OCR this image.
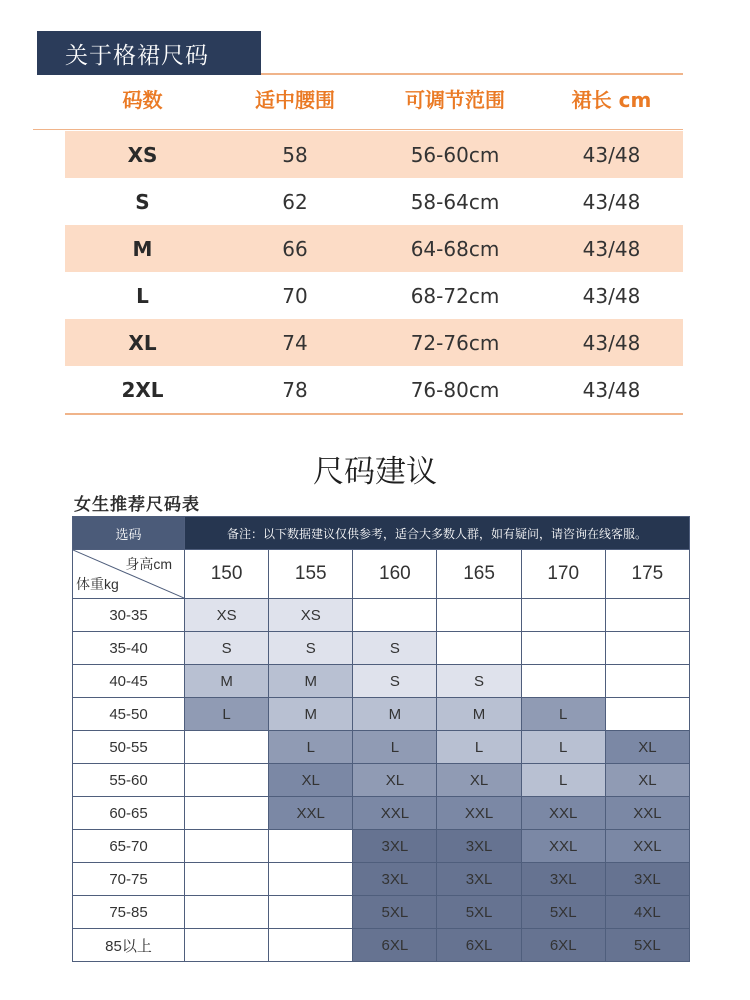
关于格裙尺码
码数	适中腰围	可调节范围	裙长 cm
XS	58	56-60cm	43/48
S	62	58-64cm	43/48
M	66	64-68cm	43/48
L	70	68-72cm	43/48
XL	74	72-76cm	43/48
2XL	78	76-80cm	43/48
尺码建议
女生推荐尺码表
选码	备注：以下数据建议仅供参考，适合大多数人群，如有疑问，请咨询在线客服。					

身高cm
体重kg	150	155	160	165	170	175
30-35	XS	XS				
35-40	S	S	S			
40-45	M	M	S	S		
45-50	L	M	M	M	L	
50-55		L	L	L	L	XL
55-60		XL	XL	XL	L	XL
60-65		XXL	XXL	XXL	XXL	XXL
65-70			3XL	3XL	XXL	XXL
70-75			3XL	3XL	3XL	3XL
75-85			5XL	5XL	5XL	4XL
85以上			6XL	6XL	6XL	5XL
